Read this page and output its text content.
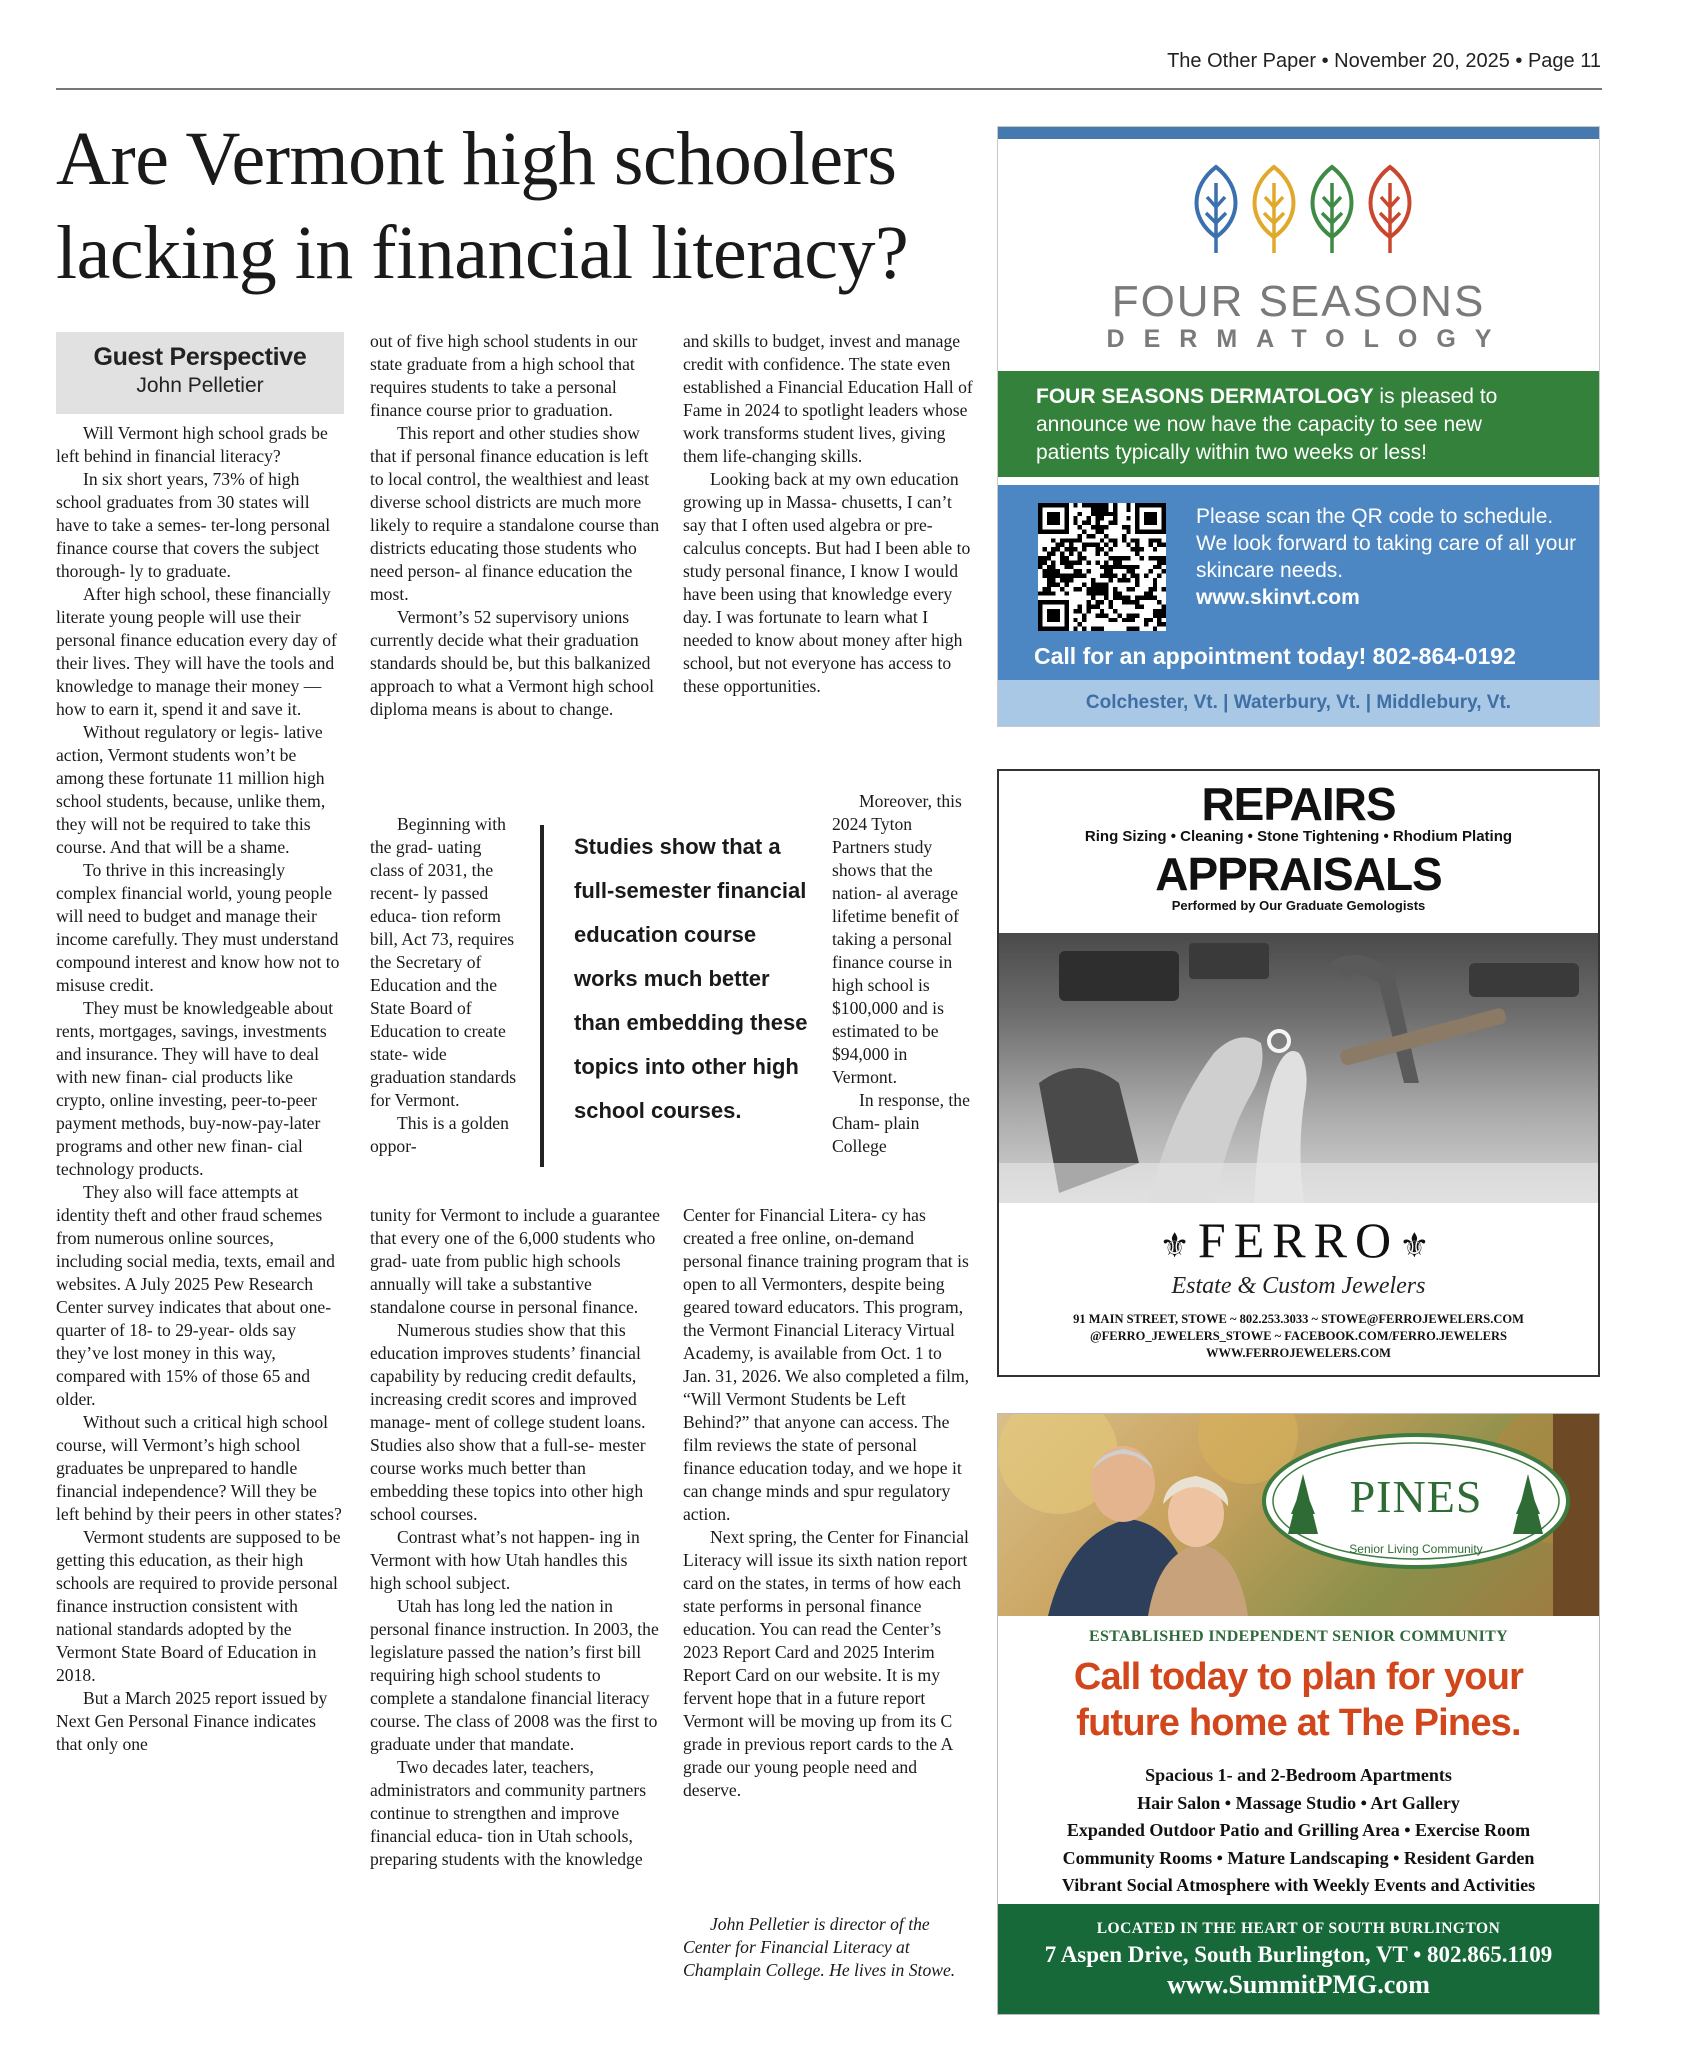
The Other Paper • November 20, 2025 • Page 11
Are Vermont high schoolers
lacking in financial literacy?
Guest Perspective
John Pelletier

Will Vermont high school grads be left behind in financial literacy?

In six short years, 73% of high school graduates from 30 states will have to take a semes- ter-long personal finance course that covers the subject thorough- ly to graduate.

After high school, these financially literate young people will use their personal finance education every day of their lives. They will have the tools and knowledge to manage their money — how to earn it, spend it and save it.

Without regulatory or legis- lative action, Vermont students won’t be among these fortunate 11 million high school students, because, unlike them, they will not be required to take this course. And that will be a shame.

To thrive in this increasingly complex financial world, young people will need to budget and manage their income carefully. They must understand compound interest and know how not to misuse credit.

They must be knowledgeable about rents, mortgages, savings, investments and insurance. They will have to deal with new finan- cial products like crypto, online investing, peer-to-peer payment methods, buy-now-pay-later programs and other new finan- cial technology products.

They also will face attempts at identity theft and other fraud schemes from numerous online sources, including social media, texts, email and websites. A July 2025 Pew Research Center survey indicates that about one-quarter of 18- to 29-year- olds say they’ve lost money in this way, compared with 15% of those 65 and older.

Without such a critical high school course, will Vermont’s high school graduates be unprepared to handle financial independence? Will they be left behind by their peers in other states?

Vermont students are supposed to be getting this education, as their high schools are required to provide personal finance instruction consistent with national standards adopted by the Vermont State Board of Education in 2018.

But a March 2025 report issued by Next Gen Personal Finance indicates that only one

out of five high school students in our state graduate from a high school that requires students to take a personal finance course prior to graduation.

This report and other studies show that if personal finance education is left to local control, the wealthiest and least diverse school districts are much more likely to require a standalone course than districts educating those students who need person- al finance education the most.

Vermont’s 52 supervisory unions currently decide what their graduation standards should be, but this balkanized approach to what a Vermont high school diploma means is about to change.

Beginning with the grad- uating class of 2031, the recent- ly passed educa- tion reform bill, Act 73, requires the Secretary of Education and the State Board of Education to create state- wide graduation standards for Vermont.

This is a golden oppor-

tunity for Vermont to include a guarantee that every one of the 6,000 students who grad- uate from public high schools annually will take a substantive standalone course in personal finance.

Numerous studies show that this education improves students’ financial capability by reducing credit defaults, increasing credit scores and improved manage- ment of college student loans. Studies also show that a full-se- mester course works much better than embedding these topics into other high school courses.

Contrast what’s not happen- ing in Vermont with how Utah handles this high school subject.

Utah has long led the nation in personal finance instruction. In 2003, the legislature passed the nation’s first bill requiring high school students to complete a standalone financial literacy course. The class of 2008 was the first to graduate under that mandate.

Two decades later, teachers, administrators and community partners continue to strengthen and improve financial educa- tion in Utah schools, preparing students with the knowledge

Studies show that a full-semester financial education course works much better than embedding these topics into other high school courses.

and skills to budget, invest and manage credit with confidence. The state even established a Financial Education Hall of Fame in 2024 to spotlight leaders whose work transforms student lives, giving them life-changing skills.

Looking back at my own education growing up in Massa- chusetts, I can’t say that I often used algebra or pre-calculus concepts. But had I been able to study personal finance, I know I would have been using that knowledge every day. I was fortunate to learn what I needed to know about money after high school, but not everyone has access to these opportunities.

Moreover, this 2024 Tyton Partners study shows that the nation- al average lifetime benefit of taking a personal finance course in high school is $100,000 and is estimated to be $94,000 in Vermont.

In response, the Cham- plain College

Center for Financial Litera- cy has created a free online, on-demand personal finance training program that is open to all Vermonters, despite being geared toward educators. This program, the Vermont Financial Literacy Virtual Academy, is available from Oct. 1 to Jan. 31, 2026. We also completed a film, “Will Vermont Students be Left Behind?” that anyone can access. The film reviews the state of personal finance education today, and we hope it can change minds and spur regulatory action.

Next spring, the Center for Financial Literacy will issue its sixth nation report card on the states, in terms of how each state performs in personal finance education. You can read the Center’s 2023 Report Card and 2025 Interim Report Card on our website. It is my fervent hope that in a future report Vermont will be moving up from its C grade in previous report cards to the A grade our young people need and deserve.

John Pelletier is director of the Center for Financial Literacy at Champlain College. He lives in Stowe.
FOUR SEASONS
DERMATOLOGY
FOUR SEASONS DERMATOLOGY is pleased to announce we now have the capacity to see new patients typically within two weeks or less!
Please scan the QR code to schedule. We look forward to taking care of all your skincare needs.
www.skinvt.com
Call for an appointment today! 802-864-0192
Colchester, Vt. | Waterbury, Vt. | Middlebury, Vt.
REPAIRS
Ring Sizing • Cleaning • Stone Tightening • Rhodium Plating
APPRAISALS
Performed by Our Graduate Gemologists
⚜FERRO⚜
Estate & Custom Jewelers
91 MAIN STREET, STOWE ~ 802.253.3033 ~ STOWE@FERROJEWELERS.COM
@FERRO_JEWELERS_STOWE ~ FACEBOOK.COM/FERRO.JEWELERS
WWW.FERROJEWELERS.COM
PINES
Senior Living Community
ESTABLISHED INDEPENDENT SENIOR COMMUNITY
Call today to plan for your
future home at The Pines.
Spacious 1- and 2-Bedroom Apartments
Hair Salon • Massage Studio • Art Gallery
Expanded Outdoor Patio and Grilling Area • Exercise Room
Community Rooms • Mature Landscaping • Resident Garden
Vibrant Social Atmosphere with Weekly Events and Activities
LOCATED IN THE HEART OF SOUTH BURLINGTON
7 Aspen Drive, South Burlington, VT • 802.865.1109
www.SummitPMG.com
